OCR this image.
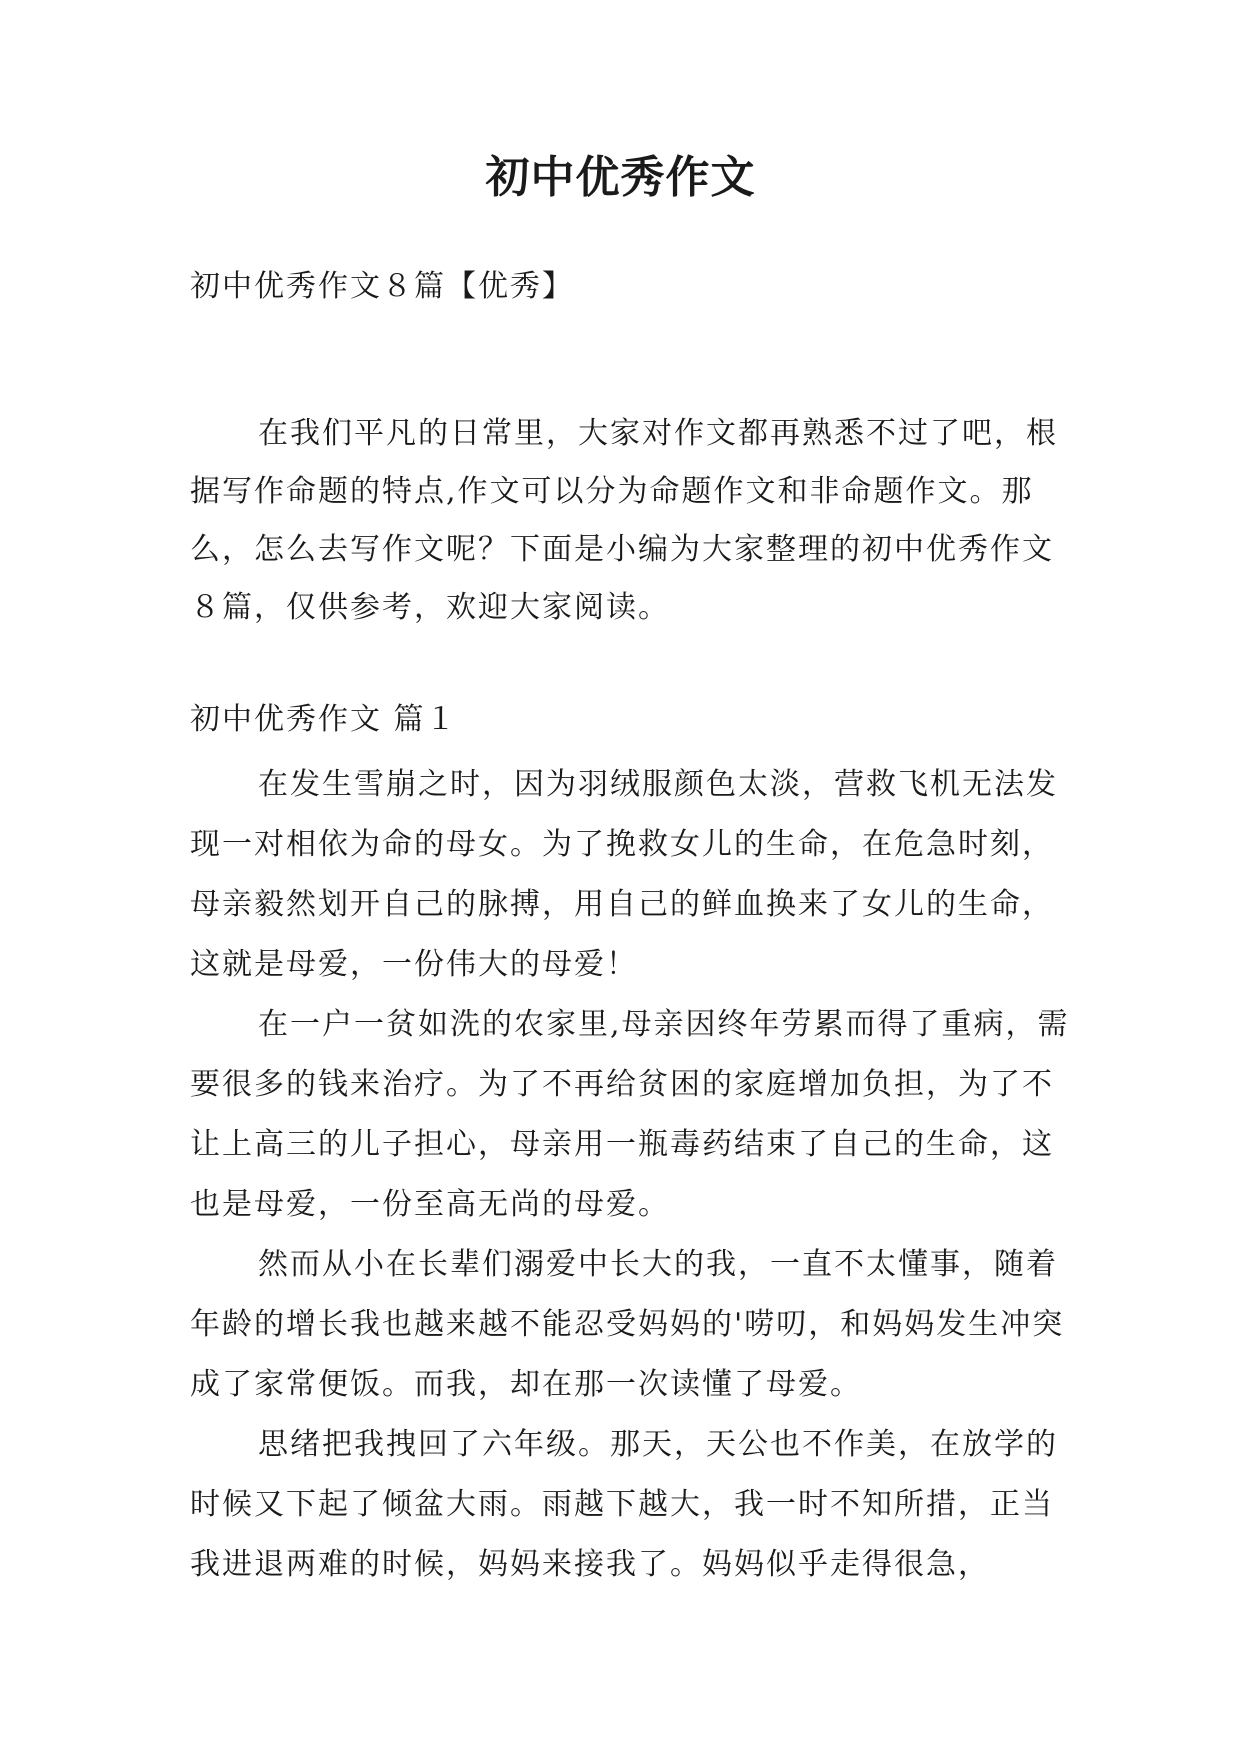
初中优秀作文

初中优秀作文８篇【优秀】

在我们平凡的日常里，大家对作文都再熟悉不过了吧，根据写作命题的特点,作文可以分为命题作文和非命题作文。那么，怎么去写作文呢？下面是小编为大家整理的初中优秀作文８篇，仅供参考，欢迎大家阅读。

初中优秀作文 篇１

在发生雪崩之时，因为羽绒服颜色太淡，营救飞机无法发现一对相依为命的母女。为了挽救女儿的生命，在危急时刻，母亲毅然划开自己的脉搏，用自己的鲜血换来了女儿的生命，这就是母爱，一份伟大的母爱！

在一户一贫如洗的农家里,母亲因终年劳累而得了重病，需要很多的钱来治疗。为了不再给贫困的家庭增加负担，为了不让上高三的儿子担心，母亲用一瓶毒药结束了自己的生命，这也是母爱，一份至高无尚的母爱。

然而从小在长辈们溺爱中长大的我，一直不太懂事，随着年龄的增长我也越来越不能忍受妈妈的'唠叨，和妈妈发生冲突成了家常便饭。而我，却在那一次读懂了母爱。

思绪把我拽回了六年级。那天，天公也不作美，在放学的时候又下起了倾盆大雨。雨越下越大，我一时不知所措，正当我进退两难的时候，妈妈来接我了。妈妈似乎走得很急，
